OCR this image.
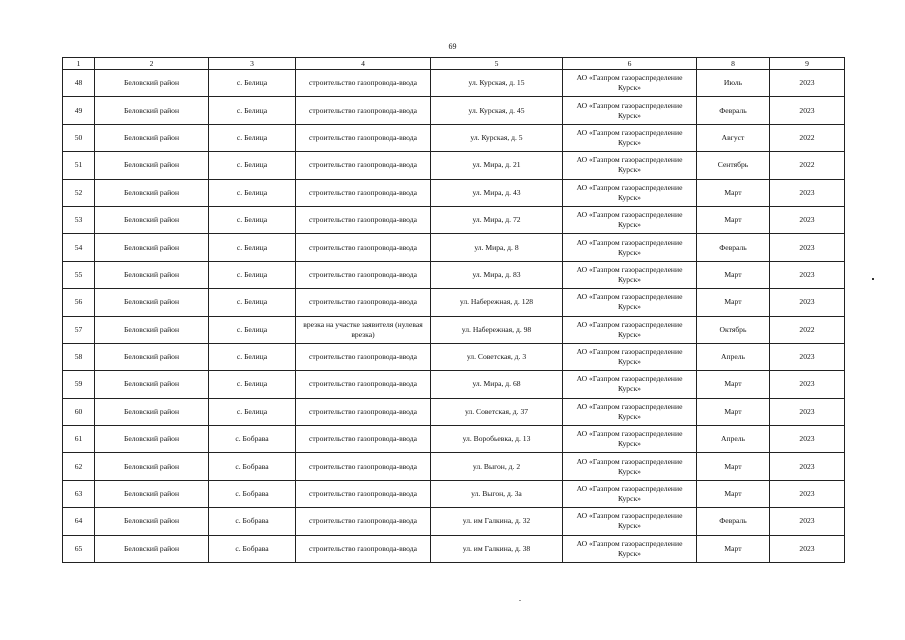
69
1	2	3	4	5	6	8	9
48	Беловский район	с. Белица	строительство газопровода-ввода	ул. Курская, д. 15	АО «Газпром газораспределение Курск»	Июль	2023
49	Беловский район	с. Белица	строительство газопровода-ввода	ул. Курская, д. 45	АО «Газпром газораспределение Курск»	Февраль	2023
50	Беловский район	с. Белица	строительство газопровода-ввода	ул. Курская, д. 5	АО «Газпром газораспределение Курск»	Август	2022
51	Беловский район	с. Белица	строительство газопровода-ввода	ул. Мира, д. 21	АО «Газпром газораспределение Курск»	Сентябрь	2022
52	Беловский район	с. Белица	строительство газопровода-ввода	ул. Мира, д. 43	АО «Газпром газораспределение Курск»	Март	2023
53	Беловский район	с. Белица	строительство газопровода-ввода	ул. Мира, д. 72	АО «Газпром газораспределение Курск»	Март	2023
54	Беловский район	с. Белица	строительство газопровода-ввода	ул. Мира, д. 8	АО «Газпром газораспределение Курск»	Февраль	2023
55	Беловский район	с. Белица	строительство газопровода-ввода	ул. Мира, д. 83	АО «Газпром газораспределение Курск»	Март	2023
56	Беловский район	с. Белица	строительство газопровода-ввода	ул. Набережная, д. 128	АО «Газпром газораспределение Курск»	Март	2023
57	Беловский район	с. Белица	врезка на участке заявителя (нулевая врезка)	ул. Набережная, д. 98	АО «Газпром газораспределение Курск»	Октябрь	2022
58	Беловский район	с. Белица	строительство газопровода-ввода	ул. Советская, д. 3	АО «Газпром газораспределение Курск»	Апрель	2023
59	Беловский район	с. Белица	строительство газопровода-ввода	ул. Мира, д. 68	АО «Газпром газораспределение Курск»	Март	2023
60	Беловский район	с. Белица	строительство газопровода-ввода	ул. Советская, д. 37	АО «Газпром газораспределение Курск»	Март	2023
61	Беловский район	с. Бобрава	строительство газопровода-ввода	ул. Воробьевка, д. 13	АО «Газпром газораспределение Курск»	Апрель	2023
62	Беловский район	с. Бобрава	строительство газопровода-ввода	ул. Выгон, д. 2	АО «Газпром газораспределение Курск»	Март	2023
63	Беловский район	с. Бобрава	строительство газопровода-ввода	ул. Выгон, д. 3а	АО «Газпром газораспределение Курск»	Март	2023
64	Беловский район	с. Бобрава	строительство газопровода-ввода	ул. им Галкина, д. 32	АО «Газпром газораспределение Курск»	Февраль	2023
65	Беловский район	с. Бобрава	строительство газопровода-ввода	ул. им Галкина, д. 38	АО «Газпром газораспределение Курск»	Март	2023
